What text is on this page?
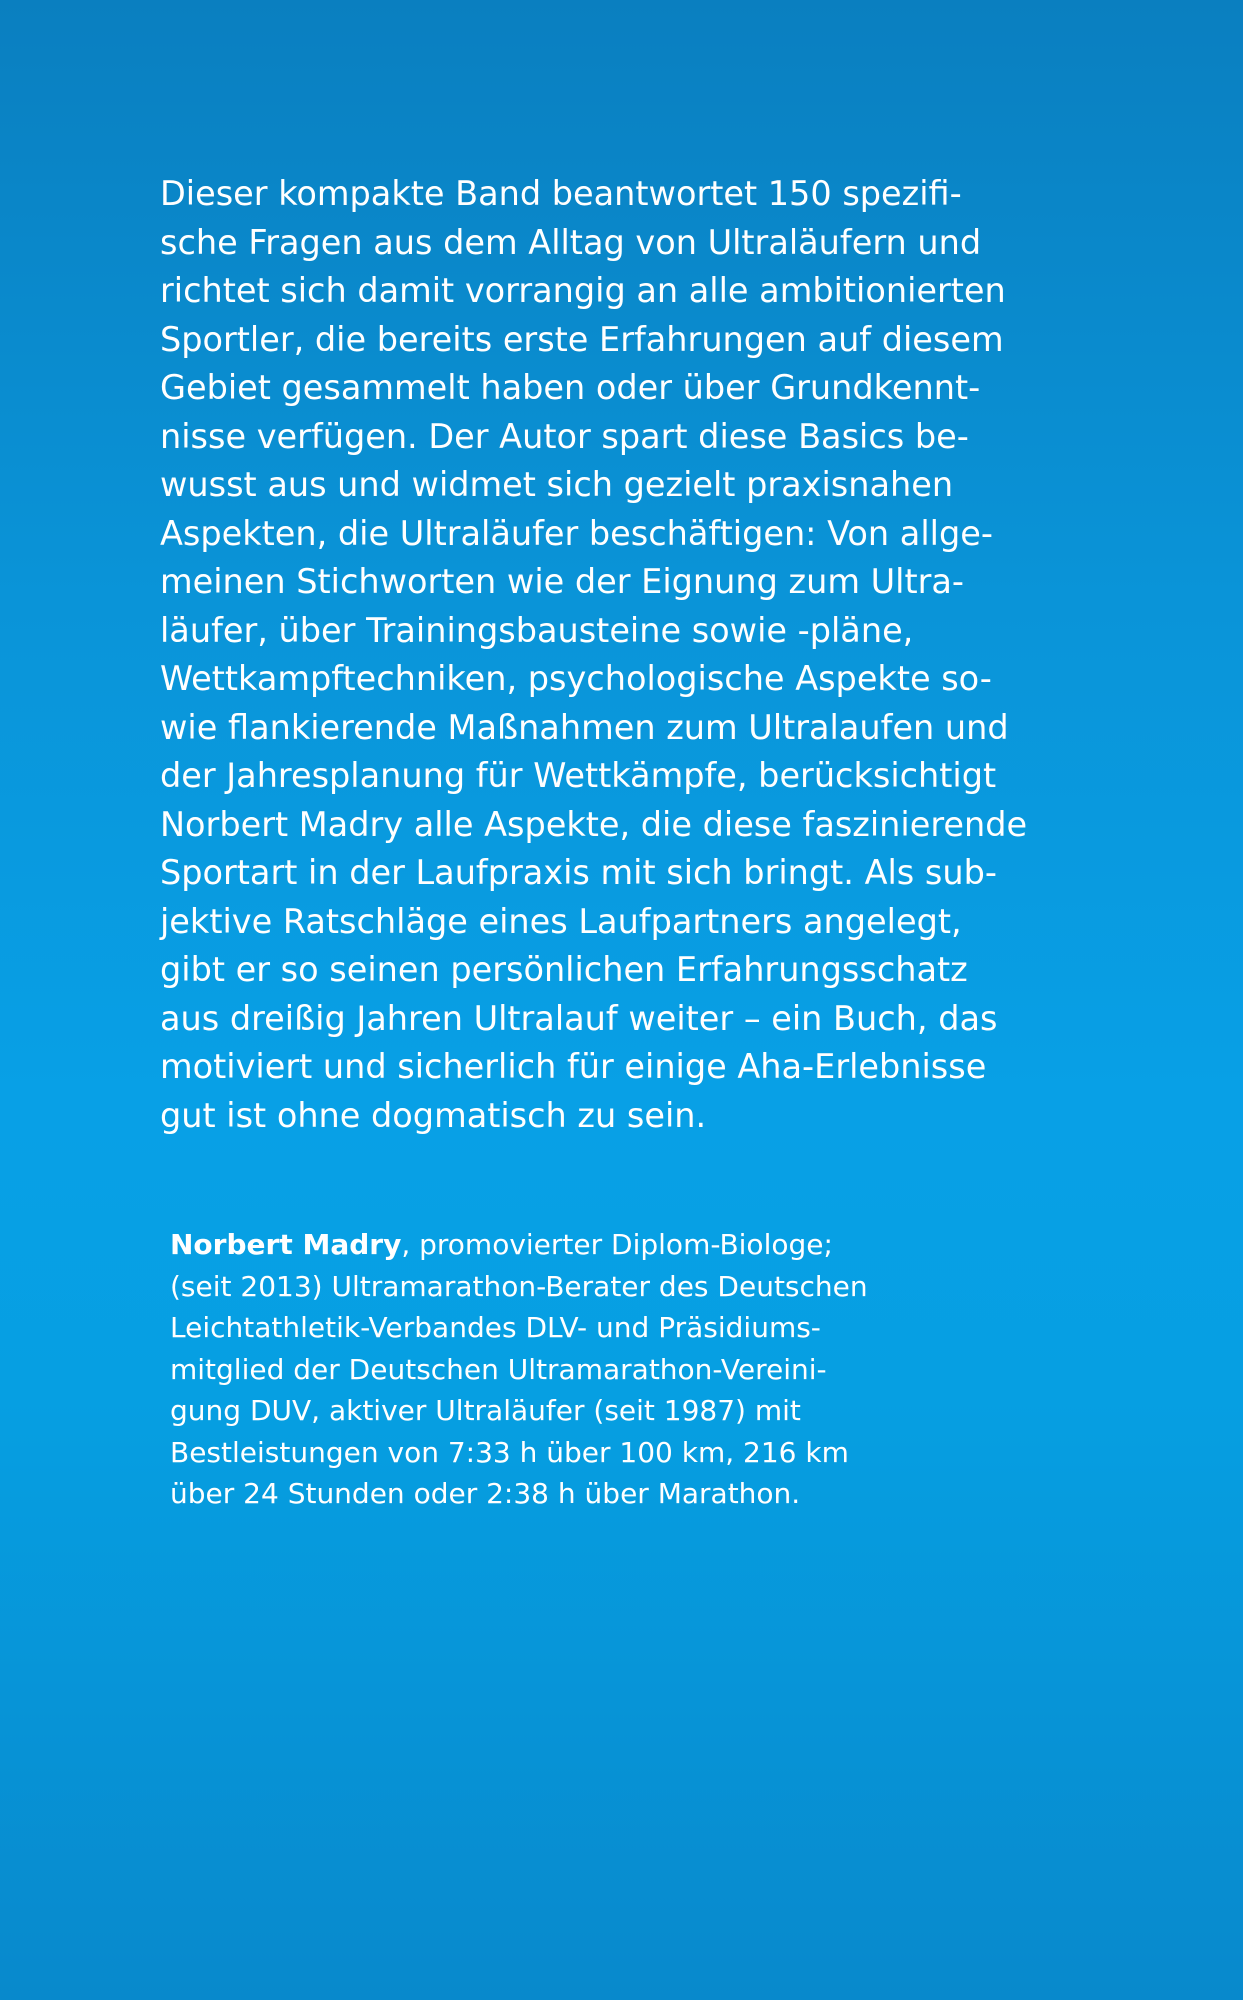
Dieser kompakte Band beantwortet 150 spezifi-
sche Fragen aus dem Alltag von Ultraläufern und
richtet sich damit vorrangig an alle ambitionierten
Sportler, die bereits erste Erfahrungen auf diesem
Gebiet gesammelt haben oder über Grundkennt-
nisse verfügen. Der Autor spart diese Basics be-
wusst aus und widmet sich gezielt praxisnahen
Aspekten, die Ultraläufer beschäftigen: Von allge-
meinen Stichworten wie der Eignung zum Ultra-
läufer, über Trainingsbausteine sowie -pläne,
Wettkampftechniken, psychologische Aspekte so-
wie flankierende Maßnahmen zum Ultralaufen und
der Jahresplanung für Wettkämpfe, berücksichtigt
Norbert Madry alle Aspekte, die diese faszinierende
Sportart in der Laufpraxis mit sich bringt. Als sub-
jektive Ratschläge eines Laufpartners angelegt,
gibt er so seinen persönlichen Erfahrungsschatz
aus dreißig Jahren Ultralauf weiter – ein Buch, das
motiviert und sicherlich für einige Aha-Erlebnisse
gut ist ohne dogmatisch zu sein.

Norbert Madry, promovierter Diplom-Biologe;
(seit 2013) Ultramarathon-Berater des Deutschen
Leichtathletik-Verbandes DLV- und Präsidiums-
mitglied der Deutschen Ultramarathon-Vereini-
gung DUV, aktiver Ultraläufer (seit 1987) mit
Bestleistungen von 7:33 h über 100 km, 216 km
über 24 Stunden oder 2:38 h über Marathon.
